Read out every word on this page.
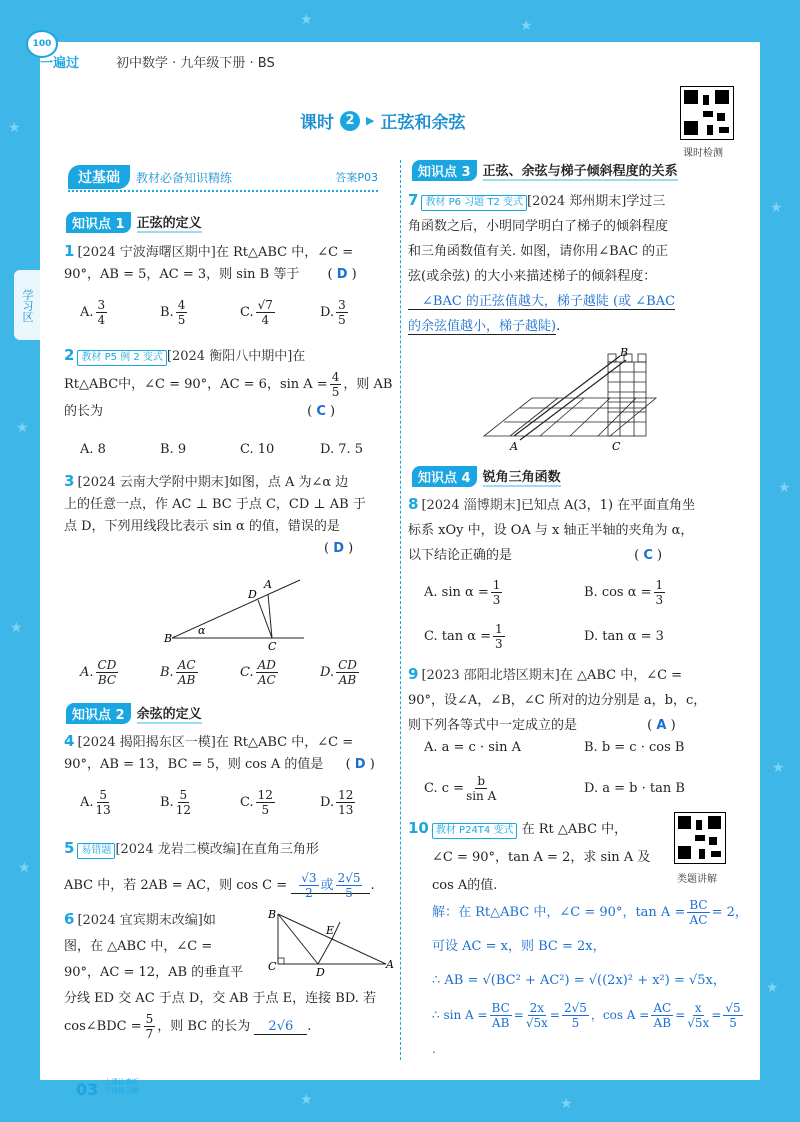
★
★
★
★
★
★
★
★
★	★
★	★
100
一遍过	初中数学 · 九年级下册 · BS
学习区
课时 2	▶ 正弦和余弦
课时检测
过基础	教材必备知识精练	答案P03
知识点 1 正弦的定义
1 [2024 宁波海曙区期中]在 Rt△ABC 中，∠C =
90°，AB = 5，AC = 3，则 sin B 等于 ( D )
A. $\frac{3}{4}$	B. $\frac{4}{5}$	C. $\frac{√7}{4}$	D. $\frac{3}{5}$
2 教材 P5 例 2 变式 [2024 衡阳八中期中]在
Rt△ABC中，∠C = 90°，AC = 6，$\sin A = \frac{4}{5}$ ，则 AB
的长为	( C )
A. 8	B. 9	C. 10	D. 7. 5
3 [2024 云南大学附中期末]如图，点 A 为∠α 边
上的任意一点，作 AC ⊥ BC 于点 C，CD ⊥ AB 于
点 D，下列用线段比表示 sin α 的值，错误的是
( D )
B
A
D
C
α
A. $\frac{CD}{BC}$	B. $\frac{AC}{AB}$	C. $\frac{AD}{AC}$	D. $\frac{CD}{AB}$
知识点 2 余弦的定义
4 [2024 揭阳揭东区一模]在 Rt△ABC 中，∠C =
90°，AB = 13，BC = 5，则 cos A 的值是 ( D )
A. $\frac{5}{13}$	B. $\frac{5}{12}$	C. $\frac{12}{5}$	D. $\frac{12}{13}$
5 易错题 [2024 龙岩二模改编]在直角三角形
ABC 中，若 2AB = AC，则 $\cos C = \frac{√3}{2}$ 或 $\frac{2√5}{5}$ .
6 [2024 宜宾期末改编]如
图，在 △ABC 中，∠C =
90°，AC = 12，AB 的垂直平
分线 ED 交 AC 于点 D，交 AB 于点 E，连接 BD. 若
cos∠BDC = $\frac{5}{7}$ ，则 BC 的长为 2√6 .
B
C	D
E
A
知识点 3 正弦、余弦与梯子倾斜程度的关系
7 教材 P6 习题 T2 变式 [2024 郑州期末]学过三
角函数之后，小明同学明白了梯子的倾斜程度
和三角函数值有关. 如图，请你用∠BAC 的正
弦(或余弦) 的大小来描述梯子的倾斜程度：
∠BAC 的正弦值越大，梯子越陡 (或 ∠BAC
的余弦值越小，梯子越陡).
A	C
B
知识点 4 锐角三角函数
8 [2024 淄博期末]已知点 A(3，1) 在平面直角坐
标系 xOy 中，设 OA 与 x 轴正半轴的夹角为 α，
以下结论正确的是	( C )
A. $\sin \alpha = \frac{1}{3}$	B. $\cos \alpha = \frac{1}{3}$
C. $\tan \alpha = \frac{1}{3}$	D. tan α = 3
9 [2023 邵阳北塔区期末]在 △ABC 中，∠C =
90°，设∠A，∠B，∠C 所对的边分别是 a，b，c，
则下列各等式中一定成立的是	( A )
A. a = c · sin A	B. b = c · cos B
C. $c = \frac{b}{\text{sin A}}$	D. a = b · tan B
10 教材 P24T4 变式 在 Rt △ABC 中，
∠C = 90°，tan A = 2，求 sin A 及
cos A的值.	类题讲解
解：在 Rt△ABC 中，∠C = 90°，$\tan A = \frac{BC}{AC} = 2$，
可设 AC = x，则 BC = 2x，
∴ AB = √(BC² + AC²) = √((2x)² + x²) = √5x，
∴ $\sin A = \frac{BC}{AB} = \frac{2x}{√5x} = \frac{2√5}{5}$ ，$\cos A = \frac{AC}{AB} = \frac{x}{√5x} = \frac{√5}{5}$
.
03 上课认真听
下课练习题
